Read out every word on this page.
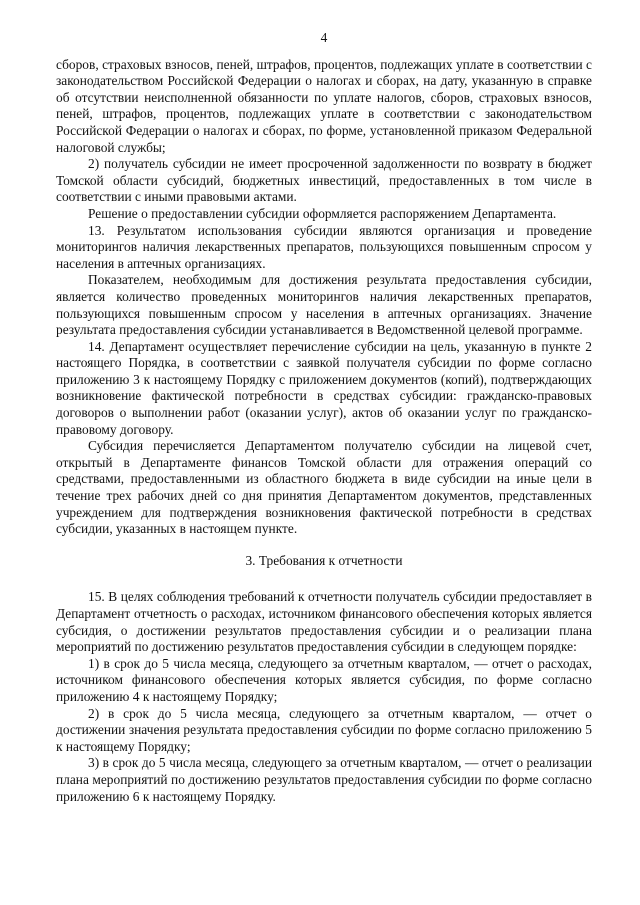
4

сборов, страховых взносов, пеней, штрафов, процентов, подлежащих уплате в соответствии с законодательством Российской Федерации о налогах и сборах, на дату, указанную в справке об отсутствии неисполненной обязанности по уплате налогов, сборов, страховых взносов, пеней, штрафов, процентов, подлежащих уплате в соответствии с законодательством Российской Федерации о налогах и сборах, по форме, установленной приказом Федеральной налоговой службы;

2) получатель субсидии не имеет просроченной задолженности по возврату в бюджет Томской области субсидий, бюджетных инвестиций, предоставленных в том числе в соответствии с иными правовыми актами.

Решение о предоставлении субсидии оформляется распоряжением Департамента.

13. Результатом использования субсидии являются организация и проведение мониторингов наличия лекарственных препаратов, пользующихся повышенным спросом у населения в аптечных организациях.

Показателем, необходимым для достижения результата предоставления субсидии, является количество проведенных мониторингов наличия лекарственных препаратов, пользующихся повышенным спросом у населения в аптечных организациях. Значение результата предоставления субсидии устанавливается в Ведомственной целевой программе.

14. Департамент осуществляет перечисление субсидии на цель, указанную в пункте 2 настоящего Порядка, в соответствии с заявкой получателя субсидии по форме согласно приложению 3 к настоящему Порядку с приложением документов (копий), подтверждающих возникновение фактической потребности в средствах субсидии: гражданско-правовых договоров о выполнении работ (оказании услуг), актов об оказании услуг по гражданско-правовому договору.

Субсидия перечисляется Департаментом получателю субсидии на лицевой счет, открытый в Департаменте финансов Томской области для отражения операций со средствами, предоставленными из областного бюджета в виде субсидии на иные цели в течение трех рабочих дней со дня принятия Департаментом документов, представленных учреждением для подтверждения возникновения фактической потребности в средствах субсидии, указанных в настоящем пункте.

3. Требования к отчетности

15. В целях соблюдения требований к отчетности получатель субсидии предоставляет в Департамент отчетность о расходах, источником финансового обеспечения которых является субсидия, о достижении результатов предоставления субсидии и о реализации плана мероприятий по достижению результатов предоставления субсидии в следующем порядке:

1) в срок до 5 числа месяца, следующего за отчетным кварталом, — отчет о расходах, источником финансового обеспечения которых является субсидия, по форме согласно приложению 4 к настоящему Порядку;

2) в срок до 5 числа месяца, следующего за отчетным кварталом, — отчет о достижении значения результата предоставления субсидии по форме согласно приложению 5 к настоящему Порядку;

3) в срок до 5 числа месяца, следующего за отчетным кварталом, — отчет о реализации плана мероприятий по достижению результатов предоставления субсидии по форме согласно приложению 6 к настоящему Порядку.
